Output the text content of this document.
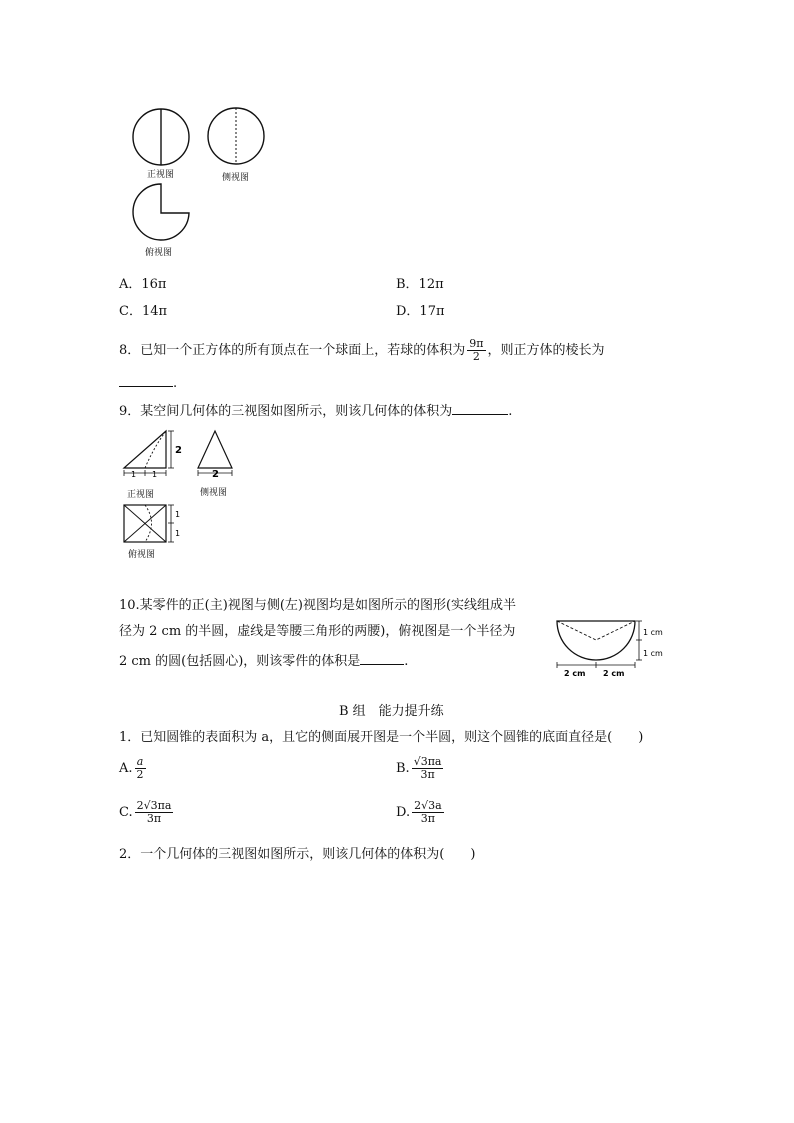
正视图	侧视图
俯视图
A．16π	B．12π
C．14π	D．17π
8．已知一个正方体的所有顶点在一个球面上，若球的体积为 $\frac{9\pi}{2}$ ，则正方体的棱长为
.
9．某空间几何体的三视图如图所示，则该几何体的体积为	.
2
1 1	2
1
1
正视图	侧视图
俯视图
10.某零件的正(主)视图与侧(左)视图均是如图所示的图形(实线组成半
径为 2 cm 的半圆，虚线是等腰三角形的两腰)，俯视图是一个半径为
2 cm 的圆(包括圆心)，则该零件的体积是	.
1 cm
1 cm
2 cm 2 cm
B 组　能力提升练
1．已知圆锥的表面积为 a，且它的侧面展开图是一个半圆，则这个圆锥的底面直径是(　　)
A. $\frac{a}{2}$	B. $\frac{√3\pi a}{3\pi}$
C. $\frac{2√3\pi a}{3\pi}$	D. $\frac{2√3a}{3\pi}$
2．一个几何体的三视图如图所示，则该几何体的体积为(　　)
